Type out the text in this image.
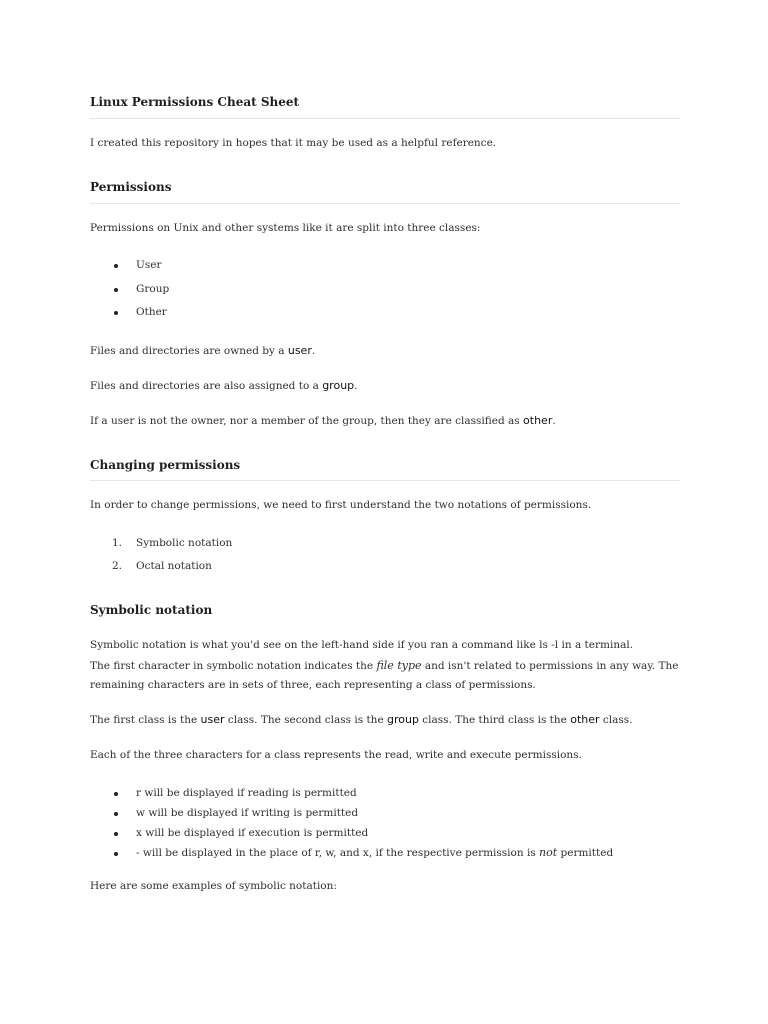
Linux Permissions Cheat Sheet

I created this repository in hopes that it may be used as a helpful reference.

Permissions

Permissions on Unix and other systems like it are split into three classes:

User
Group
Other

Files and directories are owned by a user.

Files and directories are also assigned to a group.

If a user is not the owner, nor a member of the group, then they are classified as other.

Changing permissions

In order to change permissions, we need to first understand the two notations of permissions.

1. Symbolic notation
2. Octal notation
Symbolic notation

Symbolic notation is what you'd see on the left-hand side if you ran a command like ls -l in a terminal.

The first character in symbolic notation indicates the file type and isn't related to permissions in any way. The

remaining characters are in sets of three, each representing a class of permissions.

The first class is the user class. The second class is the group class. The third class is the other class.

Each of the three characters for a class represents the read, write and execute permissions.

r will be displayed if reading is permitted
w will be displayed if writing is permitted
x will be displayed if execution is permitted
- will be displayed in the place of r, w, and x, if the respective permission is not permitted

Here are some examples of symbolic notation:
